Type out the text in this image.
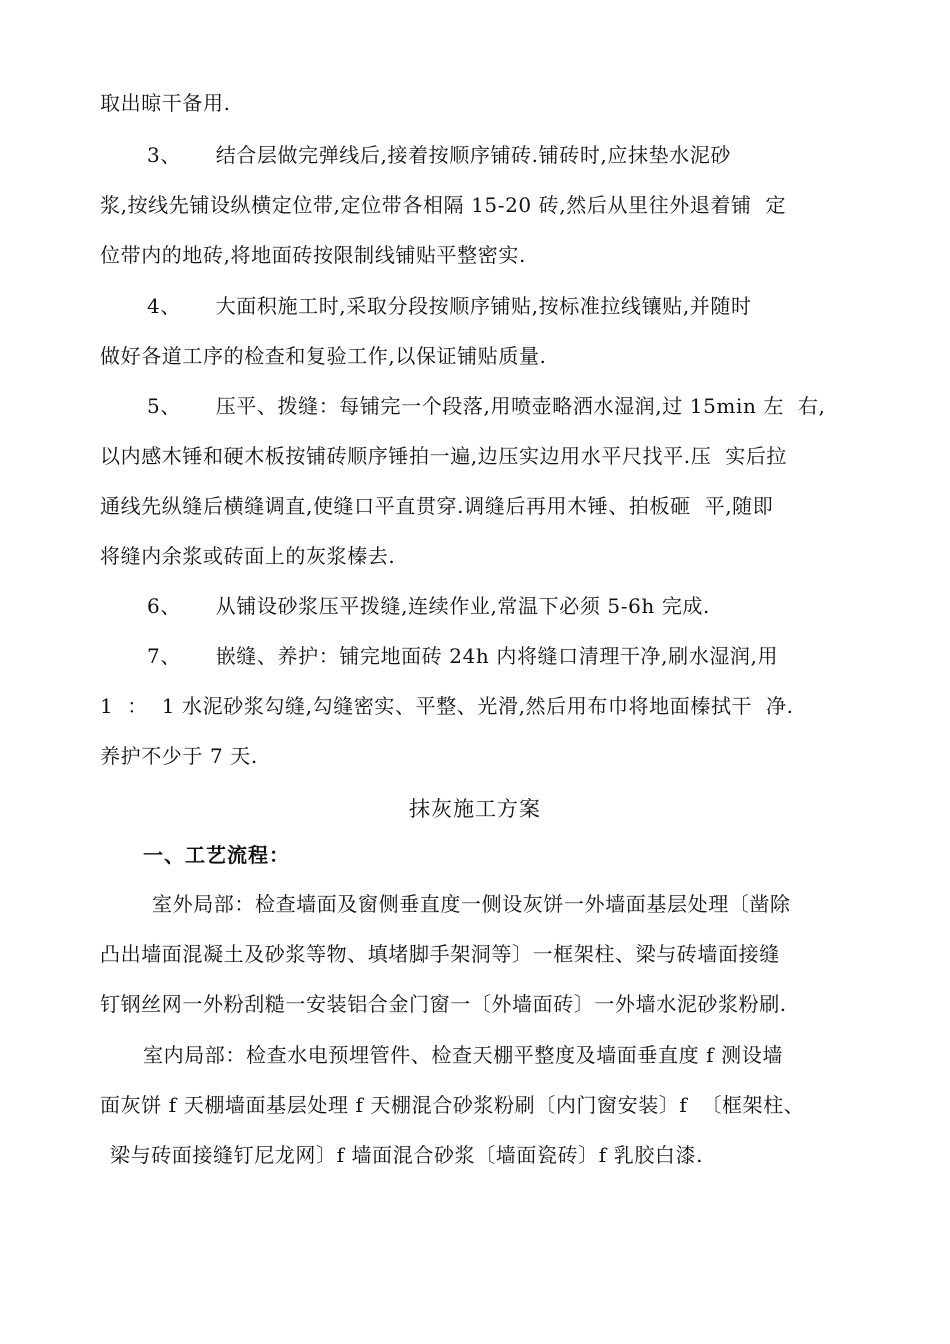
取出晾干备用.
3、     结合层做完弹线后,接着按顺序铺砖.铺砖时,应抹垫水泥砂
浆,按线先铺设纵横定位带,定位带各相隔 15-20 砖,然后从里往外退着铺  定
位带内的地砖,将地面砖按限制线铺贴平整密实.
4、     大面积施工时,采取分段按顺序铺贴,按标准拉线镶贴,并随时
做好各道工序的检查和复验工作,以保证铺贴质量.
5、     压平、拨缝：每铺完一个段落,用喷壶略洒水湿润,过 15min 左  右,
以内感木锤和硬木板按铺砖顺序锤拍一遍,边压实边用水平尺找平.压  实后拉
通线先纵缝后横缝调直,使缝口平直贯穿.调缝后再用木锤、拍板砸  平,随即
将缝内余浆或砖面上的灰浆榛去.
6、     从铺设砂浆压平拨缝,连续作业,常温下必须 5-6h 完成.
7、     嵌缝、养护：铺完地面砖 24h 内将缝口清理干净,刷水湿润,用
1  ：  1 水泥砂浆勾缝,勾缝密实、平整、光滑,然后用布巾将地面榛拭干  净.
养护不少于 7 天.
抹灰施工方案
一、工艺流程：
室外局部：检查墙面及窗侧垂直度一侧设灰饼一外墙面基层处理〔凿除
凸出墙面混凝土及砂浆等物、填堵脚手架洞等〕一框架柱、梁与砖墙面接缝
钉钢丝网一外粉刮糙一安装铝合金门窗一〔外墙面砖〕一外墙水泥砂浆粉刷.
室内局部：检查水电预埋管件、检查天棚平整度及墙面垂直度 f 测设墙
面灰饼 f 天棚墙面基层处理 f 天棚混合砂浆粉刷〔内门窗安装〕f  〔框架柱、
梁与砖面接缝钉尼龙网〕f 墙面混合砂浆〔墙面瓷砖〕f 乳胶白漆.
